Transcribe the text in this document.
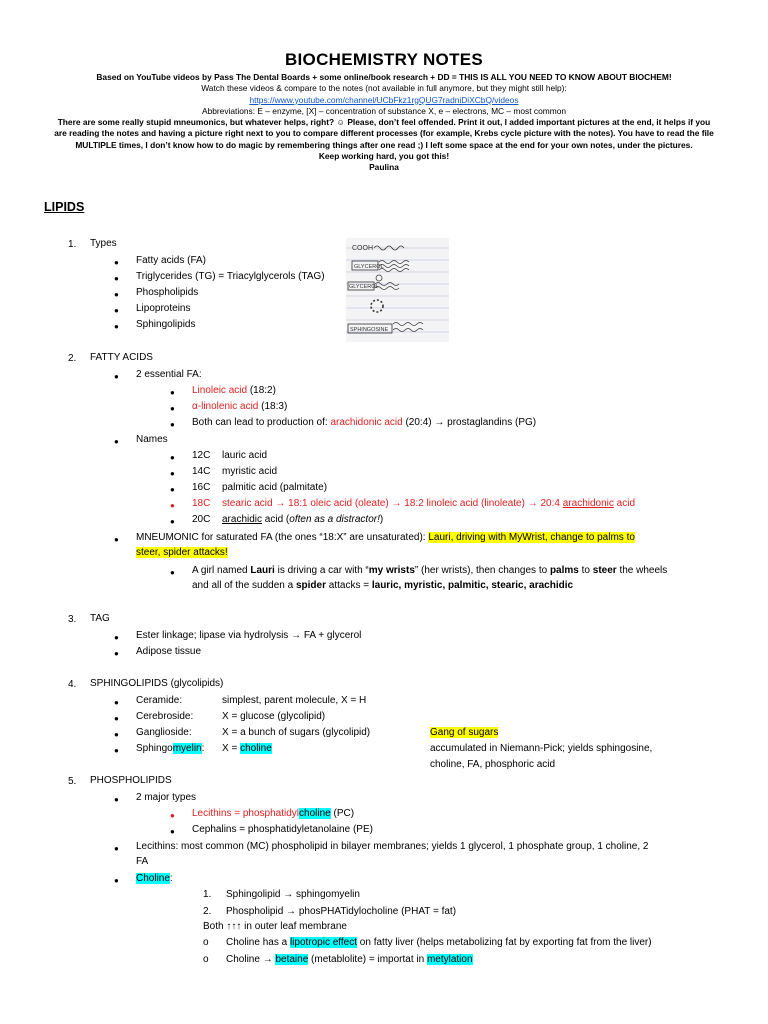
BIOCHEMISTRY NOTES
Based on YouTube videos by Pass The Dental Boards + some online/book research + DD = THIS IS ALL YOU NEED TO KNOW ABOUT BIOCHEM!
Watch these videos & compare to the notes (not available in full anymore, but they might still help):
https://www.youtube.com/channel/UCbFkz1rgQUG7radniDiXCbQ/videos
Abbreviations: E – enzyme, [X] – concentration of substance X, e – electrons, MC – most common
There are some really stupid mneumonics, but whatever helps, right? ☺ Please, don’t feel offended. Print it out, I added important pictures at the end, it helps if you
are reading the notes and having a picture right next to you to compare different processes (for example, Krebs cycle picture with the notes). You have to read the file
MULTIPLE times, I don’t know how to do magic by remembering things after one read ;) I left some space at the end for your own notes, under the pictures.
Keep working hard, you got this!
Paulina
LIPIDS
1. Types
● Fatty acids (FA)
● Triglycerides (TG) = Triacylglycerols (TAG)
● Phospholipids
● Lipoproteins
● Sphingolipids
COOH
GLYCEROL
GLYCEROL
SPHINGOSINE
2. FATTY ACIDS
● 2 essential FA:
● Linoleic acid (18:2)
● α-linolenic acid (18:3)
● Both can lead to production of: arachidonic acid (20:4) → prostaglandins (PG)
● Names
● 12C lauric acid
● 14C myristic acid
● 16C palmitic acid (palmitate)
● 18C stearic acid → 18:1 oleic acid (oleate) → 18:2 linoleic acid (linoleate) → 20:4 arachidonic acid
● 20C arachidic acid (often as a distractor!)
● MNEUMONIC for saturated FA (the ones “18:X” are unsaturated): Lauri, driving with MyWrist, change to palms to
steer, spider attacks!
● A girl named Lauri is driving a car with “my wrists” (her wrists), then changes to palms to steer the wheels
and all of the sudden a spider attacks = lauric, myristic, palmitic, stearic, arachidic
3. TAG
● Ester linkage; lipase via hydrolysis → FA + glycerol
● Adipose tissue
4. SPHINGOLIPIDS (glycolipids)
● Ceramide:	simplest, parent molecule, X = H
● Cerebroside:	X = glucose (glycolipid)
● Ganglioside:	X = a bunch of sugars (glycolipid)	Gang of sugars
● Sphingomyelin: X = choline	accumulated in Niemann-Pick; yields sphingosine,
choline, FA, phosphoric acid
5. PHOSPHOLIPIDS
● 2 major types
● Lecithins = phosphatidylcholine (PC)
● Cephalins = phosphatidyletanolaine (PE)
● Lecithins: most common (MC) phospholipid in bilayer membranes; yields 1 glycerol, 1 phosphate group, 1 choline, 2
FA
● Choline:
1. Sphingolipid → sphingomyelin
2. Phospholipid → phosPHATidylocholine (PHAT = fat)
Both ↑↑↑ in outer leaf membrane
o Choline has a lipotropic effect on fatty liver (helps metabolizing fat by exporting fat from the liver)
o Choline → betaine (metablolite) = importat in metylation
